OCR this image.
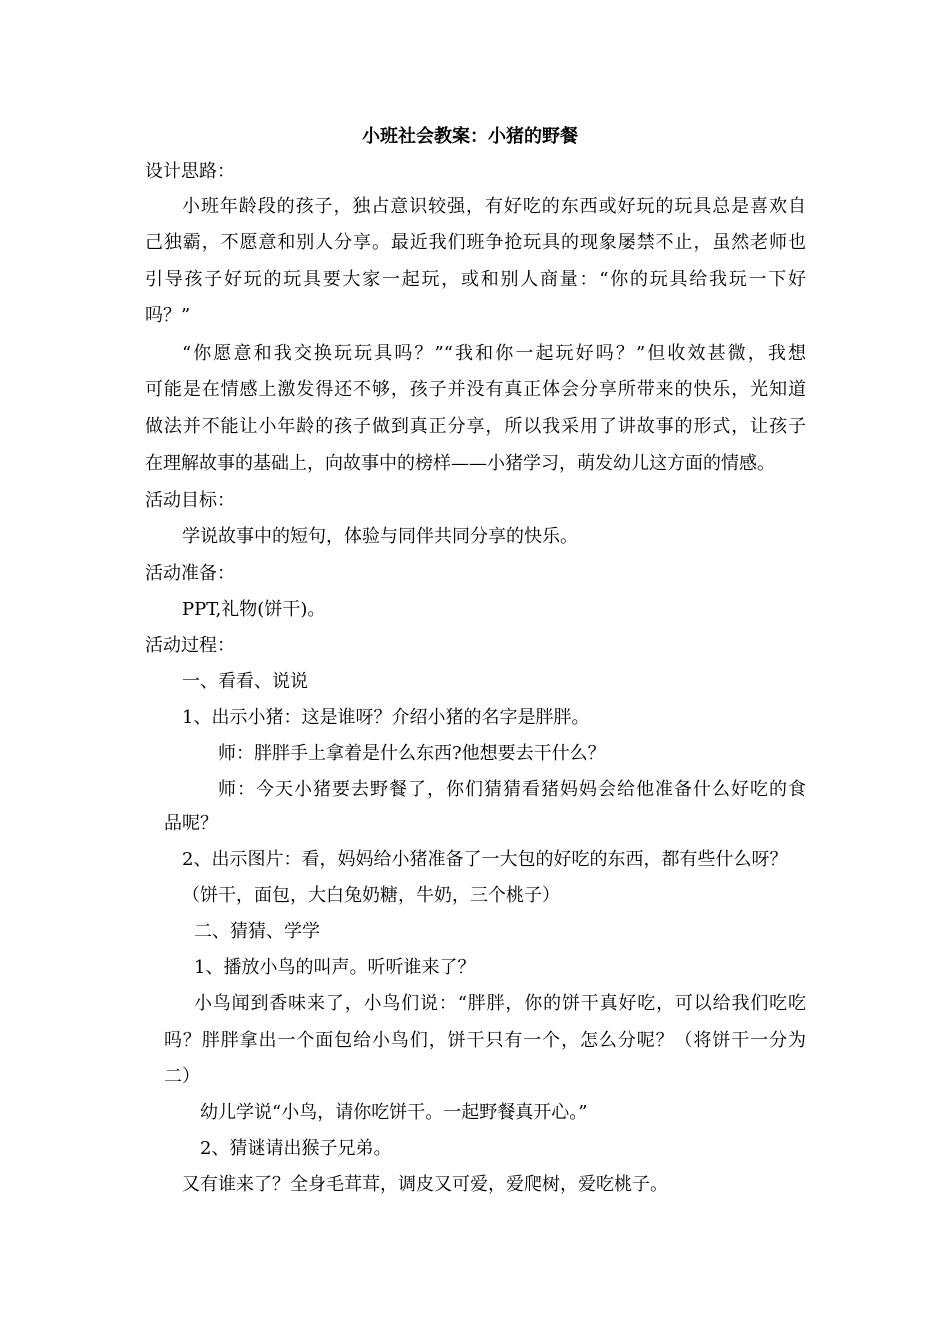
小班社会教案：小猪的野餐
设计思路：
小班年龄段的孩子，独占意识较强，有好吃的东西或好玩的玩具总是喜欢自
己独霸，不愿意和别人分享。最近我们班争抢玩具的现象屡禁不止，虽然老师也
引导孩子好玩的玩具要大家一起玩，或和别人商量：“你的玩具给我玩一下好
吗？”
“你愿意和我交换玩玩具吗？”“我和你一起玩好吗？”但收效甚微，我想
可能是在情感上激发得还不够，孩子并没有真正体会分享所带来的快乐，光知道
做法并不能让小年龄的孩子做到真正分享，所以我采用了讲故事的形式，让孩子
在理解故事的基础上，向故事中的榜样——小猪学习，萌发幼儿这方面的情感。
活动目标：
学说故事中的短句，体验与同伴共同分享的快乐。
活动准备：
PPT,礼物(饼干)。
活动过程：
一、看看、说说
1、出示小猪：这是谁呀？介绍小猪的名字是胖胖。
师：胖胖手上拿着是什么东西?他想要去干什么？
师：今天小猪要去野餐了，你们猜猜看猪妈妈会给他准备什么好吃的食
品呢？
2、出示图片：看，妈妈给小猪准备了一大包的好吃的东西，都有些什么呀？
（饼干，面包，大白兔奶糖，牛奶，三个桃子）
二、猜猜、学学
1、播放小鸟的叫声。听听谁来了？
小鸟闻到香味来了，小鸟们说：“胖胖，你的饼干真好吃，可以给我们吃吃
吗？胖胖拿出一个面包给小鸟们，饼干只有一个，怎么分呢？（将饼干一分为
二）
幼儿学说“小鸟，请你吃饼干。一起野餐真开心。”
2、猜谜请出猴子兄弟。
又有谁来了？全身毛茸茸，调皮又可爱，爱爬树，爱吃桃子。
